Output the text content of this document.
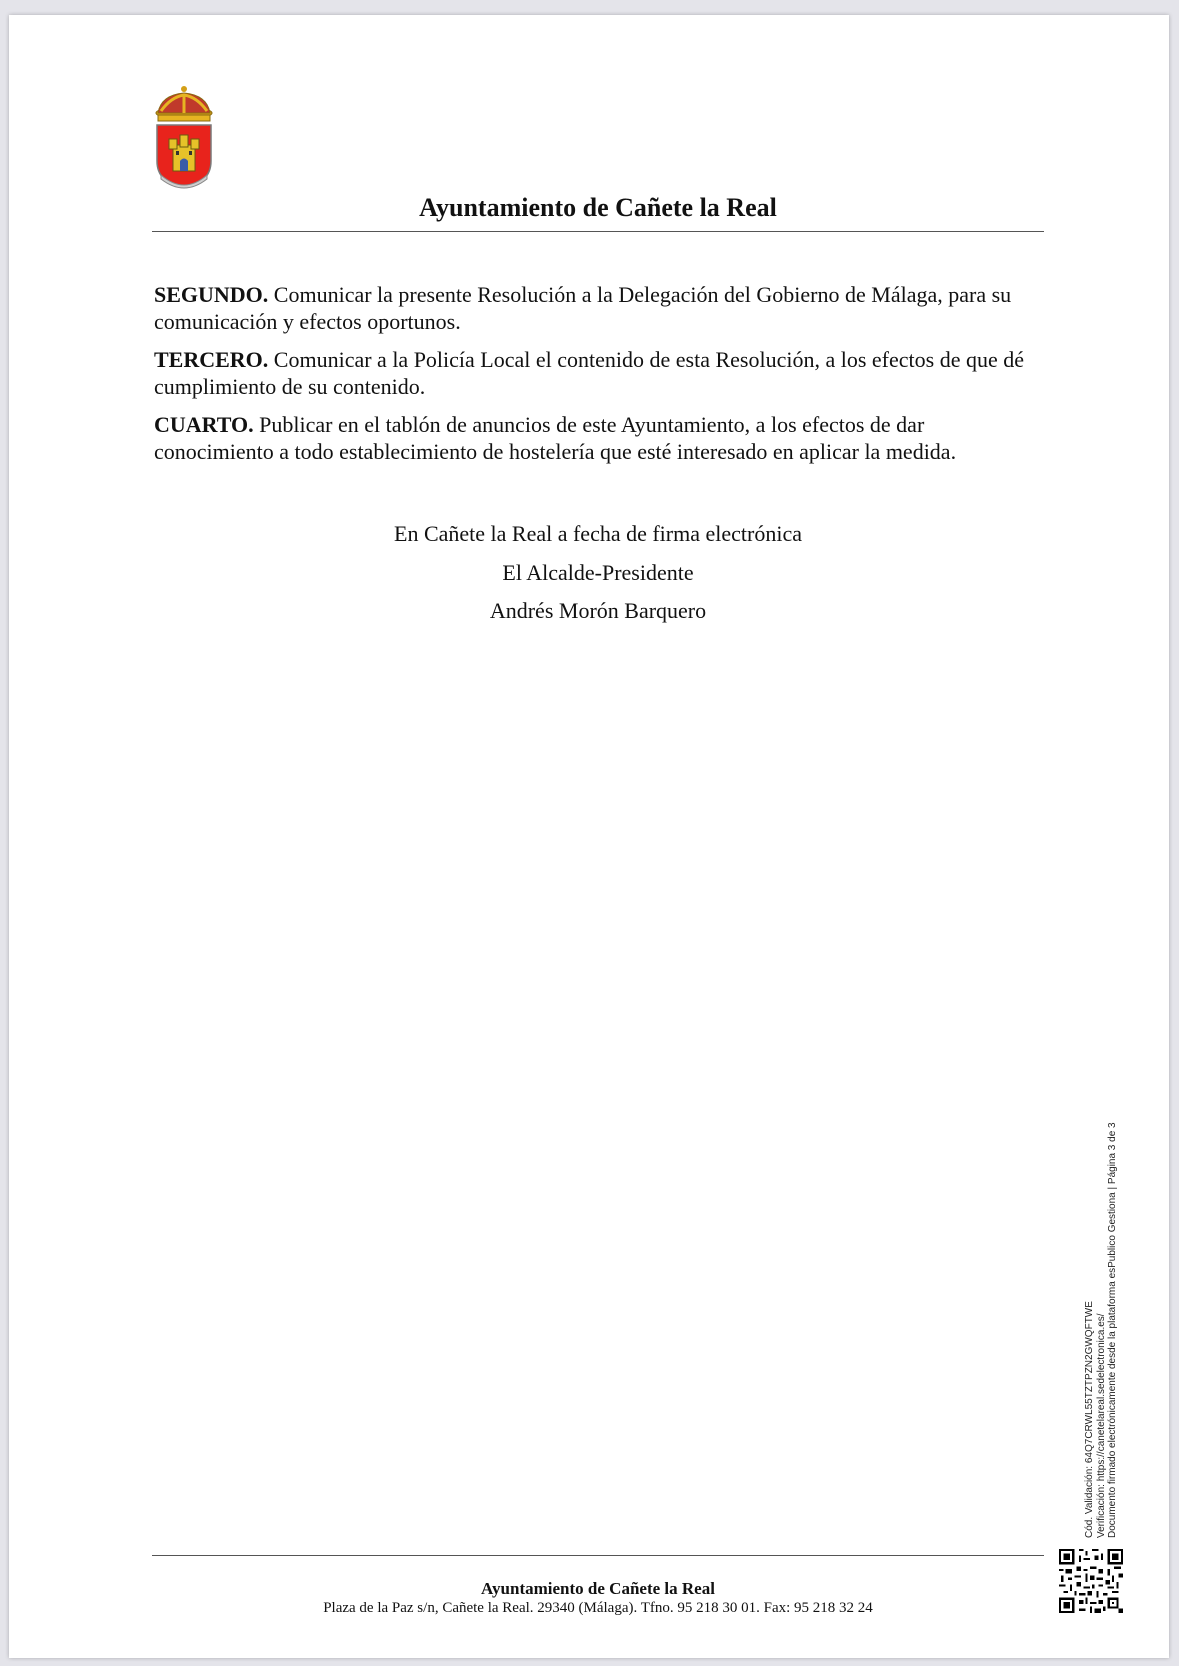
Ayuntamiento de Cañete la Real

SEGUNDO. Comunicar la presente Resolución a la Delegación del Gobierno de Málaga, para su comunicación y efectos oportunos.

TERCERO. Comunicar a la Policía Local el contenido de esta Resolución, a los efectos de que dé cumplimiento de su contenido.

CUARTO. Publicar en el tablón de anuncios de este Ayuntamiento, a los efectos de dar conocimiento a todo establecimiento de hostelería que esté interesado en aplicar la medida.

En Cañete la Real a fecha de firma electrónica
El Alcalde-Presidente
Andrés Morón Barquero
Cód. Validación: 64Q7CRWL55TZTPZN2GWQFTWE Verificación: https://canetelareal.sedelectronica.es/ Documento firmado electrónicamente desde la plataforma esPublico Gestiona | Página 3 de 3
Ayuntamiento de Cañete la Real
Plaza de la Paz s/n, Cañete la Real. 29340 (Málaga). Tfno. 95 218 30 01. Fax: 95 218 32 24
